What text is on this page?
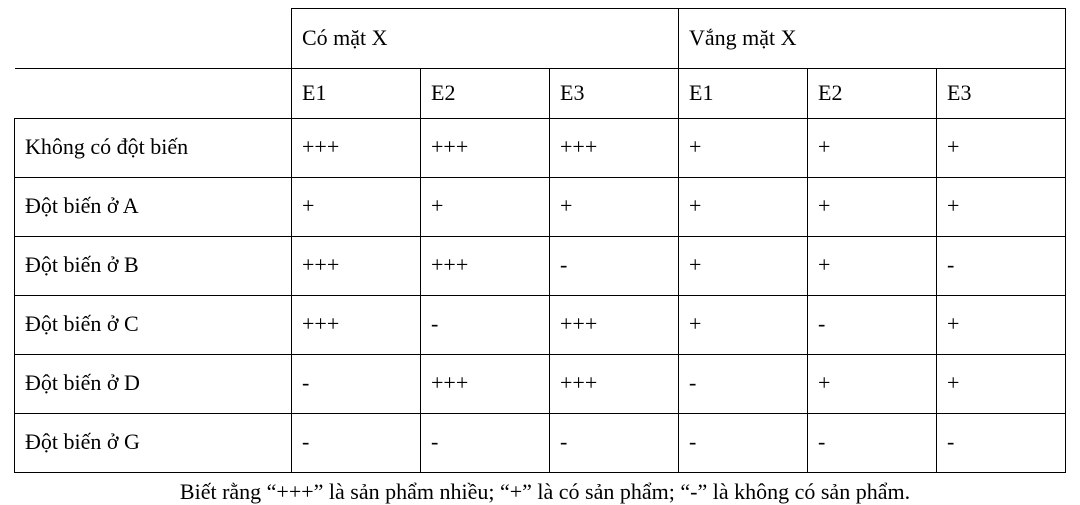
	Có mặt X			Vắng mặt X		
	E1	E2	E3	E1	E2	E3
Không có đột biến	+++	+++	+++	+	+	+
Đột biến ở A	+	+	+	+	+	+
Đột biến ở B	+++	+++	-	+	+	-
Đột biến ở C	+++	-	+++	+	-	+
Đột biến ở D	-	+++	+++	-	+	+
Đột biến ở G	-	-	-	-	-	-
Biết rằng “+++” là sản phẩm nhiều; “+” là có sản phẩm; “-” là không có sản phẩm.
